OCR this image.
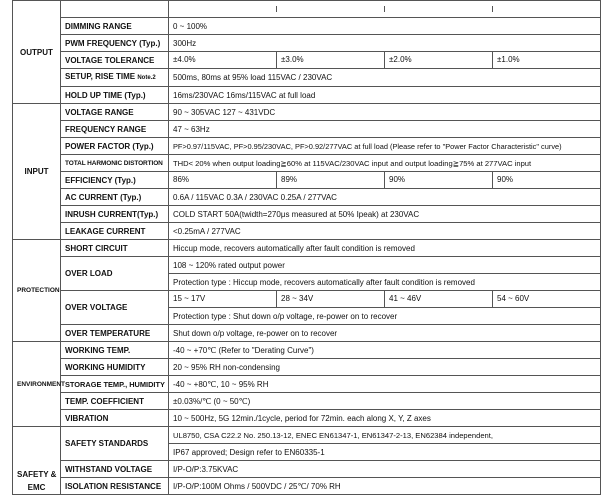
OUTPUT		

	DIMMING RANGE	0 ~ 100%
	PWM FREQUENCY (Typ.)	300Hz
	VOLTAGE TOLERANCE	±4.0% ±3.0% ±2.0% ±1.0%

	SETUP, RISE TIME Note.2	500ms, 80ms at 95% load 115VAC / 230VAC
	HOLD UP TIME (Typ.)	16ms/230VAC 16ms/115VAC at full load
INPUT	VOLTAGE RANGE	90 ~ 305VAC 127 ~ 431VDC
	FREQUENCY RANGE	47 ~ 63Hz
	POWER FACTOR (Typ.)	PF>0.97/115VAC, PF>0.95/230VAC, PF>0.92/277VAC at full load (Please refer to "Power Factor Characteristic" curve)
	TOTAL HARMONIC DISTORTION	THD< 20% when output loading≧60% at 115VAC/230VAC input and output loading≧75% at 277VAC input
	EFFICIENCY (Typ.)	86% 89% 90% 90%

	AC CURRENT (Typ.)	0.6A / 115VAC 0.3A / 230VAC 0.25A / 277VAC
	INRUSH CURRENT(Typ.)	COLD START 50A(twidth=270μs measured at 50% Ipeak) at 230VAC
	LEAKAGE CURRENT	<0.25mA / 277VAC
PROTECTION	SHORT CIRCUIT	Hiccup mode, recovers automatically after fault condition is removed
	OVER LOAD	108 ~ 120% rated output power
		Protection type : Hiccup mode, recovers automatically after fault condition is removed
	OVER VOLTAGE	15 ~ 17V 28 ~ 34V 41 ~ 46V 54 ~ 60V

		Protection type : Shut down o/p voltage, re-power on to recover
	OVER TEMPERATURE	Shut down o/p voltage, re-power on to recover
ENVIRONMENT	WORKING TEMP.	-40 ~ +70℃ (Refer to "Derating Curve")
	WORKING HUMIDITY	20 ~ 95% RH non-condensing
	STORAGE TEMP., HUMIDITY	-40 ~ +80℃, 10 ~ 95% RH
	TEMP. COEFFICIENT	±0.03%/℃ (0 ~ 50℃)
	VIBRATION	10 ~ 500Hz, 5G 12min./1cycle, period for 72min. each along X, Y, Z axes

SAFETY &
EMC	SAFETY STANDARDS	UL8750, CSA C22.2 No. 250.13-12, ENEC EN61347-1, EN61347-2-13, EN62384 independent,
		IP67 approved; Design refer to EN60335-1
	WITHSTAND VOLTAGE	I/P-O/P:3.75KVAC
	ISOLATION RESISTANCE	I/P-O/P:100M Ohms / 500VDC / 25℃/ 70% RH
